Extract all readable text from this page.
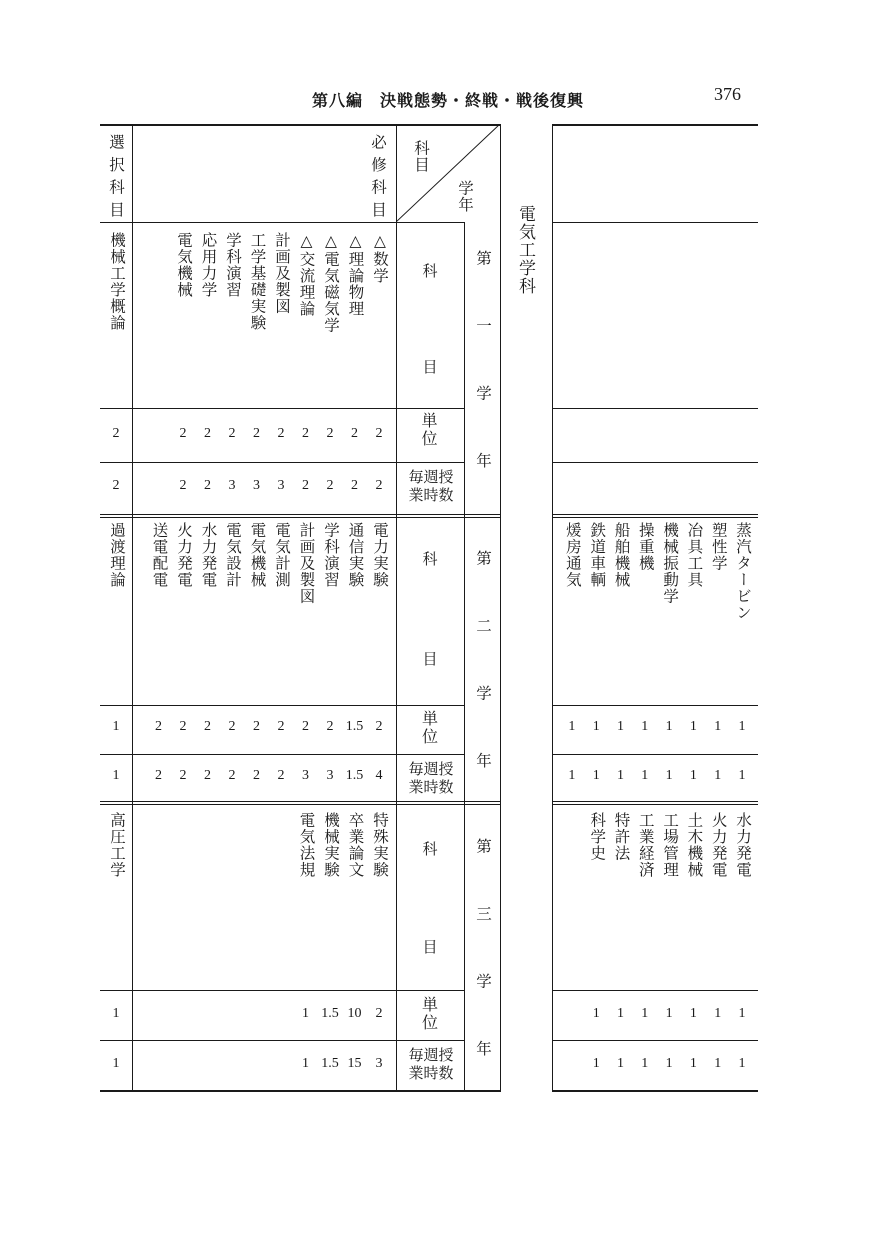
第八編　決戦態勢・終戦・戦後復興	376
電気工学科
必修科目
選択科目	科目
学年
第一学年
第二学年
第三学年
科
目
単位
毎週授業時数
科
目
単位
毎週授業時数
科
目
単位
毎週授業時数
△数学
2
2
△理論物理
2
2
△電気磁気学
2
2
△交流理論
2
2
計画及製図
2
3
工学基礎実験
2
3
学科演習
2
3
応用力学
2
2
電気機械
2
2
機械工学概論
2
2
電力実験
2
4
通信実験
1.5
1.5
学科演習
2
3
計画及製図
2
3
電気計測
2
2
電気機械
2
2
電気設計
2
2
水力発電
2
2
火力発電
2
2
送電配電
2
2
過渡理論
1
1
蒸汽タービン
1
1
塑性学
1
1
冶具工具
1
1
機械振動学
1
1
操重機
1
1
船舶機械
1
1
鉄道車輌
1
1
煖房通気
1
1
特殊実験
2
3
卒業論文
10
15
機械実験
1.5
1.5
電気法規
1
1
高圧工学
1
1
水力発電
1
1
火力発電
1
1
土木機械
1
1
工場管理
1
1
工業経済
1
1
特許法
1
1
科学史
1
1
